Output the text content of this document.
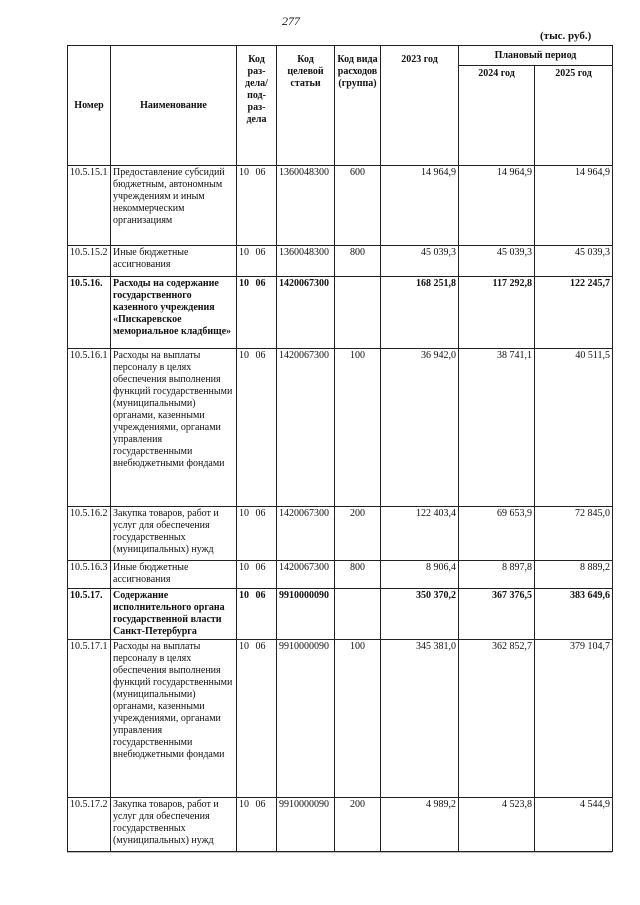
277
(тыс. руб.)
Номер	Наименование	Код раз- дела/ под- раз- дела	Код целевой статьи	Код вида расходов (группа)	2023 год	Плановый период	
						2024 год	2025 год
10.5.15.1	Предоставление субсидий бюджетным, автономным учреждениям и иным некоммерческим организациям	10 06	1360048300	600	14 964,9	14 964,9	14 964,9
10.5.15.2	Иные бюджетные ассигнования	10 06	1360048300	800	45 039,3	45 039,3	45 039,3
10.5.16.	Расходы на содержание государственного казенного учреждения «Пискаревское мемориальное кладбище»	10 06	1420067300		168 251,8	117 292,8	122 245,7
10.5.16.1	Расходы на выплаты персоналу в целях обеспечения выполнения функций государственными (муниципальными) органами, казенными учреждениями, органами управления государственными внебюджетными фондами	10 06	1420067300	100	36 942,0	38 741,1	40 511,5
10.5.16.2	Закупка товаров, работ и услуг для обеспечения государственных (муниципальных) нужд	10 06	1420067300	200	122 403,4	69 653,9	72 845,0
10.5.16.3	Иные бюджетные ассигнования	10 06	1420067300	800	8 906,4	8 897,8	8 889,2
10.5.17.	Содержание исполнительного органа государственной власти Санкт-Петербурга	10 06	9910000090		350 370,2	367 376,5	383 649,6
10.5.17.1	Расходы на выплаты персоналу в целях обеспечения выполнения функций государственными (муниципальными) органами, казенными учреждениями, органами управления государственными внебюджетными фондами	10 06	9910000090	100	345 381,0	362 852,7	379 104,7
10.5.17.2	Закупка товаров, работ и услуг для обеспечения государственных (муниципальных) нужд	10 06	9910000090	200	4 989,2	4 523,8	4 544,9
